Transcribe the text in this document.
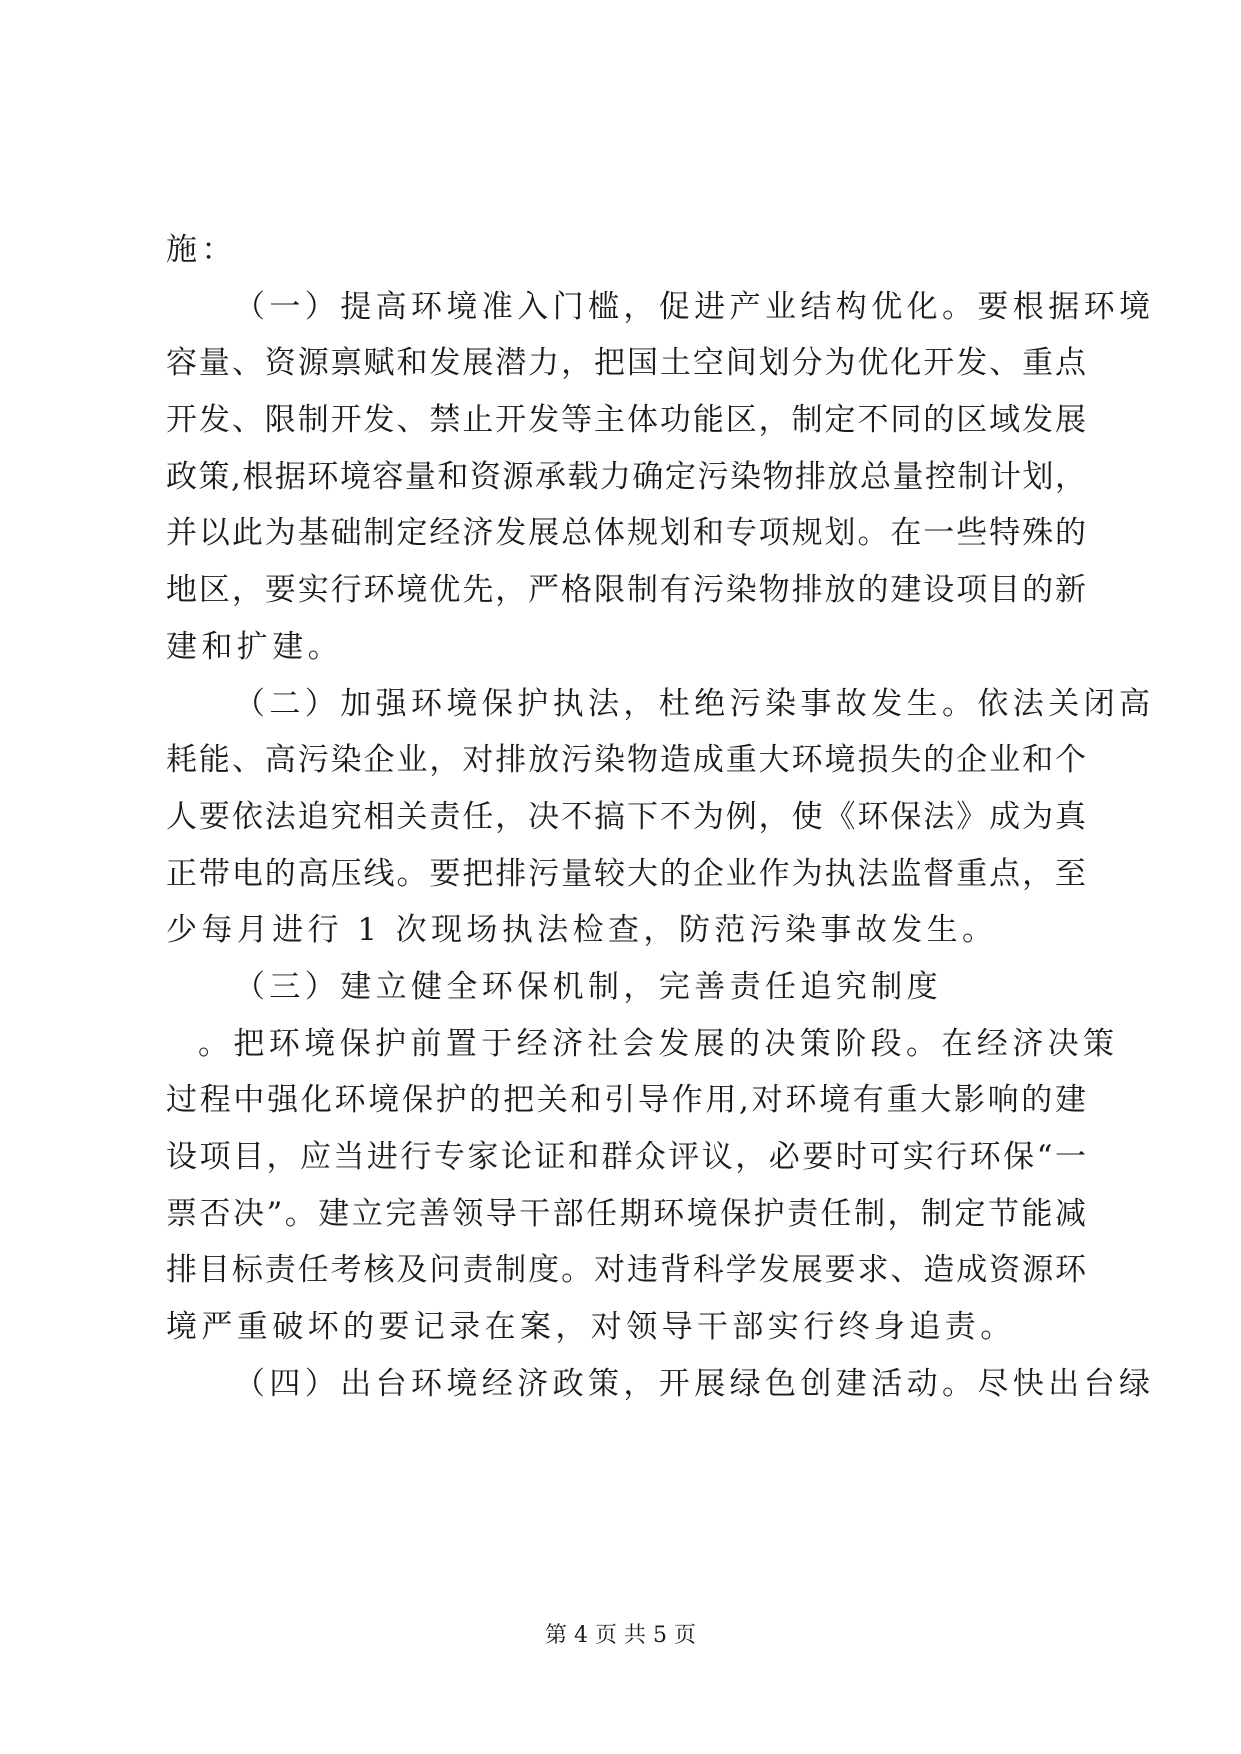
施：
（一）提高环境准入门槛，促进产业结构优化。要根据环境
容量、资源禀赋和发展潜力，把国土空间划分为优化开发、重点
开发、限制开发、禁止开发等主体功能区，制定不同的区域发展
政策,根据环境容量和资源承载力确定污染物排放总量控制计划，
并以此为基础制定经济发展总体规划和专项规划。在一些特殊的
地区，要实行环境优先，严格限制有污染物排放的建设项目的新
建和扩建。
（二）加强环境保护执法，杜绝污染事故发生。依法关闭高
耗能、高污染企业，对排放污染物造成重大环境损失的企业和个
人要依法追究相关责任，决不搞下不为例，使《环保法》成为真
正带电的高压线。要把排污量较大的企业作为执法监督重点，至
少每月进行 1 次现场执法检查，防范污染事故发生。
（三）建立健全环保机制，完善责任追究制度
。把环境保护前置于经济社会发展的决策阶段。在经济决策
过程中强化环境保护的把关和引导作用,对环境有重大影响的建
设项目，应当进行专家论证和群众评议，必要时可实行环保“一
票否决”。建立完善领导干部任期环境保护责任制，制定节能减
排目标责任考核及问责制度。对违背科学发展要求、造成资源环
境严重破坏的要记录在案，对领导干部实行终身追责。
（四）出台环境经济政策，开展绿色创建活动。尽快出台绿
第 4 页 共 5 页
